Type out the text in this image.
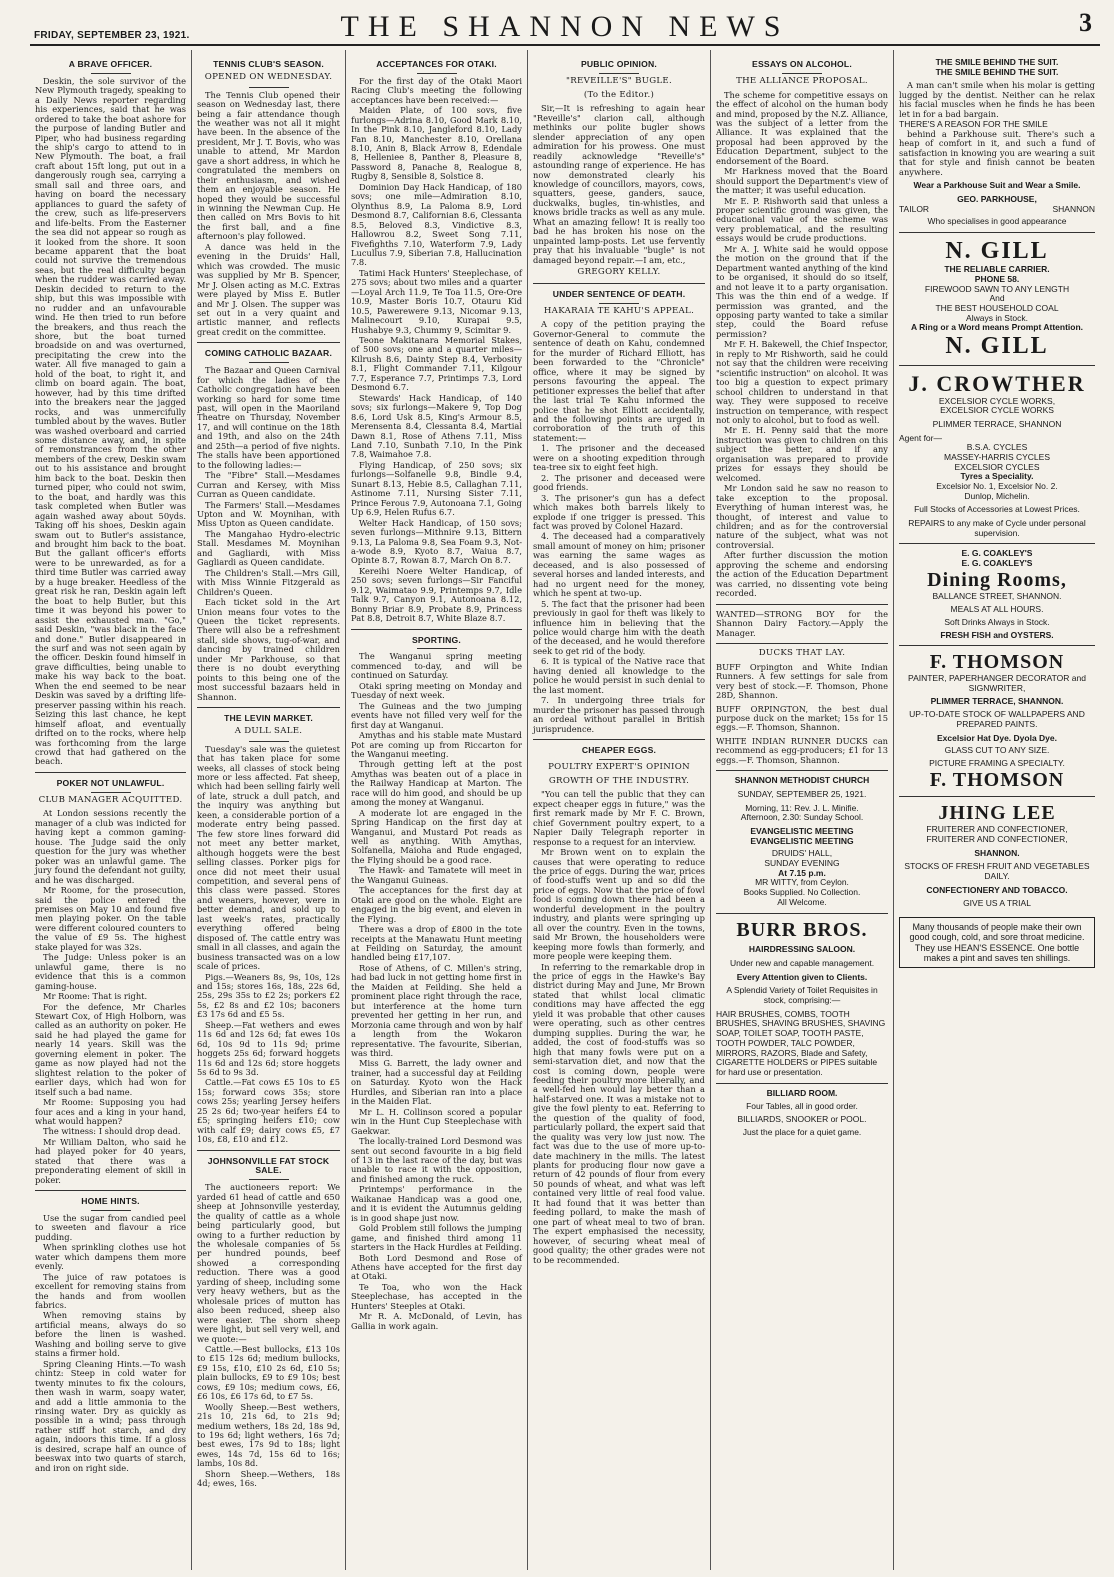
FRIDAY, SEPTEMBER 23, 1921.	THE SHANNON NEWS	3
A BRAVE OFFICER.

Deskin, the sole survivor of the New Plymouth tragedy, speaking to a Daily News reporter regarding his experiences, said that he was ordered to take the boat ashore for the purpose of landing Butler and Piper, who had business regarding the ship's cargo to attend to in New Plymouth. The boat, a frail craft about 15ft long, put out in a dangerously rough sea, carrying a small sail and three oars, and having on board the necessary appliances to guard the safety of the crew, such as life-preservers and life-belts. From the Easterner the sea did not appear so rough as it looked from the shore. It soon became apparent that the boat could not survive the tremendous seas, but the real difficulty began when the rudder was carried away. Deskin decided to return to the ship, but this was impossible with no rudder and an unfavourable wind. He then tried to run before the breakers, and thus reach the shore, but the boat turned broadside on and was overturned, precipitating the crew into the water. All five managed to gain a hold of the boat, to right it, and climb on board again. The boat, however, had by this time drifted into the breakers near the jagged rocks, and was unmercifully tumbled about by the waves. Butler was washed overboard and carried some distance away, and, in spite of remonstrances from the other members of the crew, Deskin swam out to his assistance and brought him back to the boat. Deskin then turned piper, who could not swim, to the boat, and hardly was this task completed when Butler was again washed away about 50yds. Taking off his shoes, Deskin again swam out to Butler's assistance, and brought him back to the boat. But the gallant officer's efforts were to be unrewarded, as for a third time Butler was carried away by a huge breaker. Heedless of the great risk he ran, Deskin again left the boat to help Butler, but this time it was beyond his power to assist the exhausted man. "Go," said Deskin, "was black in the face and done." Butler disappeared in the surf and was not seen again by the officer. Deskin found himself in grave difficulties, being unable to make his way back to the boat. When the end seemed to be near Deskin was saved by a drifting life-preserver passing within his reach. Seizing this last chance, he kept himself afloat, and eventually drifted on to the rocks, where help was forthcoming from the large crowd that had gathered on the beach.

POKER NOT UNLAWFUL.
CLUB MANAGER ACQUITTED.

At London sessions recently the manager of a club was indicted for having kept a common gaming-house. The Judge said the only question for the jury was whether poker was an unlawful game. The jury found the defendant not guilty, and he was discharged.

Mr Roome, for the prosecution, said the police entered the premises on May 10 and found five men playing poker. On the table were different coloured counters to the value of £9 5s. The highest stake played for was 32s.

The Judge: Unless poker is an unlawful game, there is no evidence that this is a common gaming-house.

Mr Roome: That is right.

For the defence, Mr Charles Stewart Cox, of High Holborn, was called as an authority on poker. He said he had played the game for nearly 14 years. Skill was the governing element in poker. The game as now played had not the slightest relation to the poker of earlier days, which had won for itself such a bad name.

Mr Roome: Supposing you had four aces and a king in your hand, what would happen?

The witness: I should drop dead.

Mr William Dalton, who said he had played poker for 40 years, stated that there was a preponderating element of skill in poker.

HOME HINTS.

Use the sugar from candied peel to sweeten and flavour a rice pudding.

When sprinkling clothes use hot water which dampens them more evenly.

The juice of raw potatoes is excellent for removing stains from the hands and from woollen fabrics.

When removing stains by artificial means, always do so before the linen is washed. Washing and boiling serve to give stains a firmer hold.

Spring Cleaning Hints.—To wash chintz: Steep in cold water for twenty minutes to fix the colours, then wash in warm, soapy water, and add a little ammonia to the rinsing water. Dry as quickly as possible in a wind; pass through rather stiff hot starch, and dry again, indoors this time. If a gloss is desired, scrape half an ounce of beeswax into two quarts of starch, and iron on right side.

TENNIS CLUB'S SEASON.
OPENED ON WEDNESDAY.

The Tennis Club opened their season on Wednesday last, there being a fair attendance though the weather was not all it might have been. In the absence of the president, Mr J. T. Bovis, who was unable to attend, Mr Mardon gave a short address, in which he congratulated the members on their enthusiasm, and wished them an enjoyable season. He hoped they would be successful in winning the Newman Cup. He then called on Mrs Bovis to hit the first ball, and a fine afternoon's play followed.

A dance was held in the evening in the Druids' Hall, which was crowded. The music was supplied by Mr B. Spencer, Mr J. Olsen acting as M.C. Extras were played by Miss E. Butler and Mr J. Olsen. The supper was set out in a very quaint and artistic manner, and reflects great credit on the committee.

COMING CATHOLIC BAZAAR.

The Bazaar and Queen Carnival for which the ladies of the Catholic congregation have been working so hard for some time past, will open in the Maoriland Theatre on Thursday, November 17, and will continue on the 18th and 19th, and also on the 24th and 25th—a period of five nights. The stalls have been apportioned to the following ladies:—

The "Fibre" Stall.—Mesdames Curran and Kersey, with Miss Curran as Queen candidate.

The Farmers' Stall.—Mesdames Upton and W. Moynihan, with Miss Upton as Queen candidate.

The Mangahao Hydro-electric Stall. Mesdames M. Moynihan and Gagliardi, with Miss Gagliardi as Queen candidate.

The Children's Stall.—Mrs Gill, with Miss Winnie Fitzgerald as Children's Queen.

Each ticket sold in the Art Union means four votes to the Queen the ticket represents. There will also be a refreshment stall, side shows, tug-of-war, and dancing by trained children under Mr Parkhouse, so that there is no doubt everything points to this being one of the most successful bazaars held in Shannon.

THE LEVIN MARKET.
A DULL SALE.

Tuesday's sale was the quietest that has taken place for some weeks, all classes of stock being more or less affected. Fat sheep, which had been selling fairly well of late, struck a dull patch, and the inquiry was anything but keen, a considerable portion of a moderate entry being passed. The few store lines forward did not meet any better market, although hoggets were the best selling classes. Porker pigs for once did not meet their usual competition, and several pens of this class were passed. Stores and weaners, however, were in better demand, and sold up to last week's rates, practically everything offered being disposed of. The cattle entry was small in all classes, and again the business transacted was on a low scale of prices.

Pigs.—Weaners 8s, 9s, 10s, 12s and 15s; stores 16s, 18s, 22s 6d, 25s, 29s 35s to £2 2s; porkers £2 5s, £2 8s and £2 10s; baconers £3 17s 6d and £5 5s.

Sheep.—Fat wethers and ewes 11s 6d and 12s 6d; fat ewes 10s 6d, 10s 9d to 11s 9d; prime hoggets 25s 6d; forward hoggets 11s 6d and 12s 6d; store hoggets 5s 6d to 9s 3d.

Cattle.—Fat cows £5 10s to £5 15s; forward cows 35s; store cows 25s; yearling Jersey heifers 25 2s 6d; two-year heifers £4 to £5; springing heifers £10; cow with calf £9; dairy cows £5, £7 10s, £8, £10 and £12.

JOHNSONVILLE FAT STOCK SALE.

The auctioneers report: We yarded 61 head of cattle and 650 sheep at Johnsonville yesterday, the quality of cattle as a whole being particularly good, but owing to a further reduction by the wholesale companies of 5s per hundred pounds, beef showed a corresponding reduction. There was a good yarding of sheep, including some very heavy wethers, but as the wholesale prices of mutton has also been reduced, sheep also were easier. The shorn sheep were light, but sell very well, and we quote:—

Cattle.—Best bullocks, £13 10s to £15 12s 6d; medium bullocks, £9 15s, £10, £10 2s 6d, £10 5s; plain bullocks, £9 to £9 10s; best cows, £9 10s; medium cows, £6, £6 10s, £6 17s 6d, to £7 5s.

Woolly Sheep.—Best wethers, 21s 10, 21s 6d, to 21s 9d; medium wethers, 18s 2d, 18s 9d, to 19s 6d; light wethers, 16s 7d; best ewes, 17s 9d to 18s; light ewes, 14s 7d, 15s 6d to 16s; lambs, 10s 8d.

Shorn Sheep.—Wethers, 18s 4d; ewes, 16s.

ACCEPTANCES FOR OTAKI.

For the first day of the Otaki Maori Racing Club's meeting the following acceptances have been received:—

Maiden Plate, of 100 sovs, five furlongs—Adrina 8.10, Good Mark 8.10, In the Pink 8.10, Jangleford 8.10, Lady Fan 8.10, Manchester 8.10, Orellana 8.10, Anin 8, Black Arrow 8, Edendale 8, Helleniee 8, Panther 8, Pleasure 8, Password 8, Panache 8, Realogue 8, Rugby 8, Sensible 8, Solstice 8.

Dominion Day Hack Handicap, of 180 sovs; one mile—Admiration 8.10, Olynthus 8.9, La Paloma 8.9, Lord Desmond 8.7, Californian 8.6, Clessanta 8.5, Beloved 8.3, Vindictive 8.3, Hallowrou 8.2, Sweet Song 7.11, Fivefighths 7.10, Waterform 7.9, Lady Lucullus 7.9, Siberian 7.8, Hallucination 7.8.

Tatimi Hack Hunters' Steeplechase, of 275 sovs; about two miles and a quarter—Loyal Arch 11.9, Te Toa 11.5, Ore-Ore 10.9, Master Boris 10.7, Otauru Kid 10.5, Pawerewere 9.13, Nicomar 9.13, Malinecourt 9.10, Kurapai 9.5, Hushabye 9.3, Chummy 9, Scimitar 9.

Teone Makitanara Memorial Stakes, of 500 sovs; one and a quarter miles—Kilrush 8.6, Dainty Step 8.4, Verbosity 8.1, Flight Commander 7.11, Kilgour 7.7, Esperance 7.7, Printimps 7.3, Lord Desmond 6.7.

Stewards' Hack Handicap, of 140 sovs; six furlongs—Makere 9, Top Dog 8.6, Lord Usk 8.5, King's Armour 8.5, Merensenta 8.4, Clessanta 8.4, Martial Dawn 8.1, Rose of Athens 7.11, Miss Land 7.10, Sunbath 7.10, In the Pink 7.8, Waimahoe 7.8.

Flying Handicap, of 250 sovs; six furlongs—Solfanelle 9.8, Bindle 9.4, Sunart 8.13, Hebie 8.5, Callaghan 7.11, Astinome 7.11, Nursing Sister 7.11, Prince Ferous 7.9, Autonoana 7.1, Going Up 6.9, Helen Rufus 6.7.

Welter Hack Handicap, of 150 sovs; seven furlongs—Mithnire 9.13, Bittern 9.13, La Paloma 9.8, Sea Foam 9.3, Not-a-wode 8.9, Kyoto 8.7, Waiua 8.7, Opinte 8.7, Rowan 8.7, March On 8.7.

Kereihi Noere Welter Handicap, of 250 sovs; seven furlongs—Sir Fanciful 9.12, Waimatao 9.9, Printemps 9.7, Idle Talk 9.7, Canyon 9.1, Autonoana 8.12, Bonny Briar 8.9, Probate 8.9, Princess Pat 8.8, Detroit 8.7, White Blaze 8.7.

SPORTING.

The Wanganui spring meeting commenced to-day, and will be continued on Saturday.

Otaki spring meeting on Monday and Tuesday of next week.

The Guineas and the two jumping events have not filled very well for the first day at Wanganui.

Amythas and his stable mate Mustard Pot are coming up from Riccarton for the Wanganui meeting.

Through getting left at the post Amythas was beaten out of a place in the Railway Handicap at Marton. The race will do him good, and should be up among the money at Wanganui.

A moderate lot are engaged in the Spring Handicap on the first day at Wanganui, and Mustard Pot reads as well as anything. With Amythas, Solfanella, Maioha and Rude engaged, the Flying should be a good race.

The Hawk- and Tamatete will meet in the Wanganui Guineas.

The acceptances for the first day at Otaki are good on the whole. Eight are engaged in the big event, and eleven in the Flying.

There was a drop of £800 in the tote receipts at the Manawatu Hunt meeting at Feilding on Saturday, the amount handled being £17,107.

Rose of Athens, of C. Millen's string, had bad luck in not getting home first in the Maiden at Feilding. She held a prominent place right through the race, but interference at the home turn prevented her getting in her run, and Morzonia came through and won by half a length from the Wokaron representative. The favourite, Siberian, was third.

Miss G. Barrett, the lady owner and trainer, had a successful day at Feilding on Saturday. Kyoto won the Hack Hurdles, and Siberian ran into a place in the Maiden Flat.

Mr L. H. Collinson scored a popular win in the Hunt Cup Steeplechase with Gaekwar.

The locally-trained Lord Desmond was sent out second favourite in a big field of 13 in the last race of the day, but was unable to race it with the opposition, and finished among the ruck.

Printemps' performance in the Waikanae Handicap was a good one, and it is evident the Autumnus gelding is in good shape just now.

Gold Problem still follows the jumping game, and finished third among 11 starters in the Hack Hurdles at Feilding.

Both Lord Desmond and Rose of Athens have accepted for the first day at Otaki.

Te Toa, who won the Hack Steeplechase, has accepted in the Hunters' Steeples at Otaki.

Mr R. A. McDonald, of Levin, has Gallia in work again.

PUBLIC OPINION.
"REVEILLE'S" BUGLE.
(To the Editor.)

Sir,—It is refreshing to again hear "Reveille's" clarion call, although methinks our polite bugler shows slender appreciation of any open admiration for his prowess. One must readily acknowledge "Reveille's" astounding range of experience. He has now demonstrated clearly his knowledge of councillors, mayors, cows, squatters, geese, ganders, sauce, duckwalks, bugles, tin-whistles, and knows bridle tracks as well as any mule. What an amazing fellow! It is really too bad he has broken his nose on the unpainted lamp-posts. Let use fervently pray that his invaluable "bugle" is not damaged beyond repair.—I am, etc.,

GREGORY KELLY.
UNDER SENTENCE OF DEATH.
HAKARAIA TE KAHU'S APPEAL.

A copy of the petition praying the Governor-General to commute the sentence of death on Kahu, condemned for the murder of Richard Elliott, has been forwarded to the "Chronicle" office, where it may be signed by persons favouring the appeal. The petitioner expresses the belief that after the last trial Te Kahu informed the police that he shot Elliott accidentally, and the following points are urged in corroboration of the truth of this statement:—

1. The prisoner and the deceased were on a shooting expedition through tea-tree six to eight feet high.

2. The prisoner and deceased were good friends.

3. The prisoner's gun has a defect which makes both barrels likely to explode if one trigger is pressed. This fact was proved by Colonel Hazard.

4. The deceased had a comparatively small amount of money on him; prisoner was earning the same wages as deceased, and is also possessed of several horses and landed interests, and had no urgent need for the money, which he spent at two-up.

5. The fact that the prisoner had been previously in gaol for theft was likely to influence him in believing that the police would charge him with the death of the deceased, and he would therefore seek to get rid of the body.

6. It is typical of the Native race that having denied all knowledge to the police he would persist in such denial to the last moment.

7. In undergoing three trials for murder the prisoner has passed through an ordeal without parallel in British jurisprudence.

CHEAPER EGGS.
POULTRY EXPERT'S OPINION
GROWTH OF THE INDUSTRY.

"You can tell the public that they can expect cheaper eggs in future," was the first remark made by Mr F. C. Brown, chief Government poultry expert, to a Napier Daily Telegraph reporter in response to a request for an interview.

Mr Brown went on to explain the causes that were operating to reduce the price of eggs. During the war, prices of food-stuffs went up and so did the price of eggs. Now that the price of fowl food is coming down there had been a wonderful development in the poultry industry, and plants were springing up all over the country. Even in the towns, said Mr Brown, the householders were keeping more fowls than formerly, and more people were keeping them.

In referring to the remarkable drop in the price of eggs in the Hawke's Bay district during May and June, Mr Brown stated that whilst local climatic conditions may have affected the egg yield it was probable that other causes were operating, such as other centres dumping supplies. During the war, he added, the cost of food-stuffs was so high that many fowls were put on a semi-starvation diet, and now that the cost is coming down, people were feeding their poultry more liberally, and a well-fed hen would lay better than a half-starved one. It was a mistake not to give the fowl plenty to eat. Referring to the question of the quality of food, particularly pollard, the expert said that the quality was very low just now. The fact was due to the use of more up-to-date machinery in the mills. The latest plants for producing flour now gave a return of 42 pounds of flour from every 50 pounds of wheat, and what was left contained very little of real food value. It had found that it was better than feeding pollard, to make the mash of one part of wheat meal to two of bran. The expert emphasised the necessity, however, of securing wheat meal of good quality; the other grades were not to be recommended.

ESSAYS ON ALCOHOL.
THE ALLIANCE PROPOSAL.

The scheme for competitive essays on the effect of alcohol on the human body and mind, proposed by the N.Z. Alliance, was the subject of a letter from the Alliance. It was explained that the proposal had been approved by the Education Department, subject to the endorsement of the Board.

Mr Harkness moved that the Board should support the Department's view of the matter; it was useful education.

Mr E. P. Rishworth said that unless a proper scientific ground was given, the educational value of the scheme was very problematical, and the resulting essays would be crude productions.

Mr A. J. White said he would oppose the motion on the ground that if the Department wanted anything of the kind to be organised, it should do so itself, and not leave it to a party organisation. This was the thin end of a wedge. If permission was granted, and the opposing party wanted to take a similar step, could the Board refuse permission?

Mr F. H. Bakewell, the Chief Inspector, in reply to Mr Rishworth, said he could not say that the children were receiving "scientific instruction" on alcohol. It was too big a question to expect primary school children to understand in that way. They were supposed to receive instruction on temperance, with respect not only to alcohol, but to food as well.

Mr E. H. Penny said that the more instruction was given to children on this subject the better, and if any organisation was prepared to provide prizes for essays they should be welcomed.

Mr London said he saw no reason to take exception to the proposal. Everything of human interest was, he thought, of interest and value to children; and as for the controversial nature of the subject, what was not controversial.

After further discussion the motion approving the scheme and endorsing the action of the Education Department was carried, no dissenting vote being recorded.

WANTED—STRONG BOY for the Shannon Dairy Factory.—Apply the Manager.
DUCKS THAT LAY.
BUFF Orpington and White Indian Runners. A few settings for sale from very best of stock.—F. Thomson, Phone 28D, Shannon.
BUFF ORPINGTON, the best dual purpose duck on the market; 15s for 15 eggs.—F. Thomson, Shannon.
WHITE INDIAN RUNNER DUCKS can recommend as egg-producers; £1 for 13 eggs.—F. Thomson, Shannon.
SHANNON METHODIST CHURCH
SUNDAY, SEPTEMBER 25, 1921.
Morning, 11: Rev. J. L. Minifie.
Afternoon, 2.30: Sunday School.
EVANGELISTIC MEETING
EVANGELISTIC MEETING
DRUIDS' HALL,
SUNDAY EVENING
At 7.15 p.m.
MR WITTY, from Ceylon.
Books Supplied. No Collection.
All Welcome.
BURR BROS.
HAIRDRESSING SALOON.
Under new and capable management.
Every Attention given to Clients.
A Splendid Variety of Toilet Requisites in stock, comprising:—
HAIR BRUSHES, COMBS, TOOTH BRUSHES, SHAVING BRUSHES, SHAVING SOAP, TOILET SOAP, TOOTH PASTE, TOOTH POWDER, TALC POWDER, MIRRORS, RAZORS, Blade and Safety, CIGARETTE HOLDERS or PIPES suitable for hard use or presentation.
BILLIARD ROOM.
Four Tables, all in good order.
BILLIARDS, SNOOKER or POOL.
Just the place for a quiet game.
THE SMILE BEHIND THE SUIT.
THE SMILE BEHIND THE SUIT.

A man can't smile when his molar is getting lugged by the dentist. Neither can he relax his facial muscles when he finds he has been let in for a bad bargain.

THERE'S A REASON FOR THE SMILE

behind a Parkhouse suit. There's such a heap of comfort in it, and such a fund of satisfaction in knowing you are wearing a suit that for style and finish cannot be beaten anywhere.

Wear a Parkhouse Suit and Wear a Smile.
GEO. PARKHOUSE,
TAILOR	SHANNON
Who specialises in good appearance
N. GILL
THE RELIABLE CARRIER.
PHONE 58.
FIREWOOD SAWN TO ANY LENGTH
And
THE BEST HOUSEHOLD COAL
Always in Stock.
A Ring or a Word means Prompt Attention.
N. GILL
J. CROWTHER
EXCELSIOR CYCLE WORKS,
EXCELSIOR CYCLE WORKS
PLIMMER TERRACE, SHANNON
Agent for—
B.S.A. CYCLES
MASSEY-HARRIS CYCLES
EXCELSIOR CYCLES
Tyres a Speciality.
Excelsior No. 1, Excelsior No. 2.
Dunlop, Michelin.
Full Stocks of Accessories at Lowest Prices.
REPAIRS to any make of Cycle under personal supervision.
E. G. COAKLEY'S
E. G. COAKLEY'S
Dining Rooms,
BALLANCE STREET, SHANNON.
MEALS AT ALL HOURS.
Soft Drinks Always in Stock.
FRESH FISH and OYSTERS.
F. THOMSON
PAINTER, PAPERHANGER DECORATOR and SIGNWRITER,
PLIMMER TERRACE, SHANNON.
UP-TO-DATE STOCK OF WALLPAPERS AND PREPARED PAINTS.
Excelsior Hat Dye. Dyola Dye.
GLASS CUT TO ANY SIZE.
PICTURE FRAMING A SPECIALTY.
F. THOMSON
JHING LEE
FRUITERER AND CONFECTIONER,
FRUITERER AND CONFECTIONER,
SHANNON.
STOCKS OF FRESH FRUIT AND VEGETABLES DAILY.
CONFECTIONERY AND TOBACCO.
GIVE US A TRIAL
Many thousands of people make their own good cough, cold, and sore throat medicine. They use HEAN'S ESSENCE. One bottle makes a pint and saves ten shillings.
